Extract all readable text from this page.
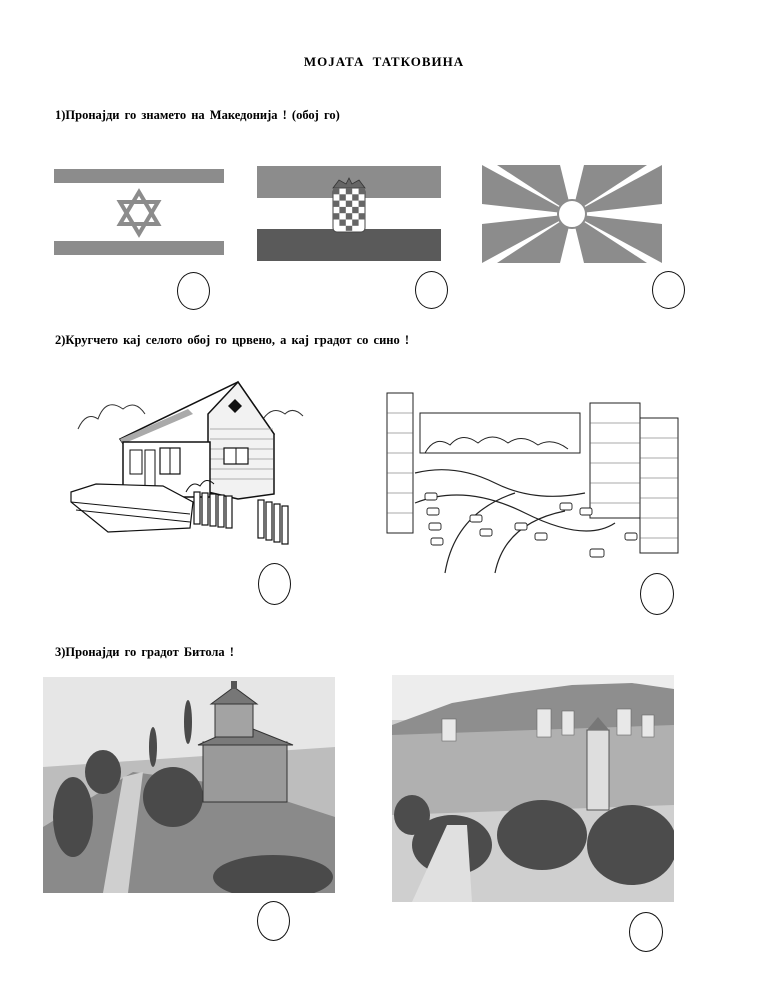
МОЈАТА ТАТКОВИНА
1)Пронајди го знамето на Македонија ! (обој го)
2)Кругчето кај селото обој го црвено, а кај градот со сино !
3)Пронајди го градот Битола !
